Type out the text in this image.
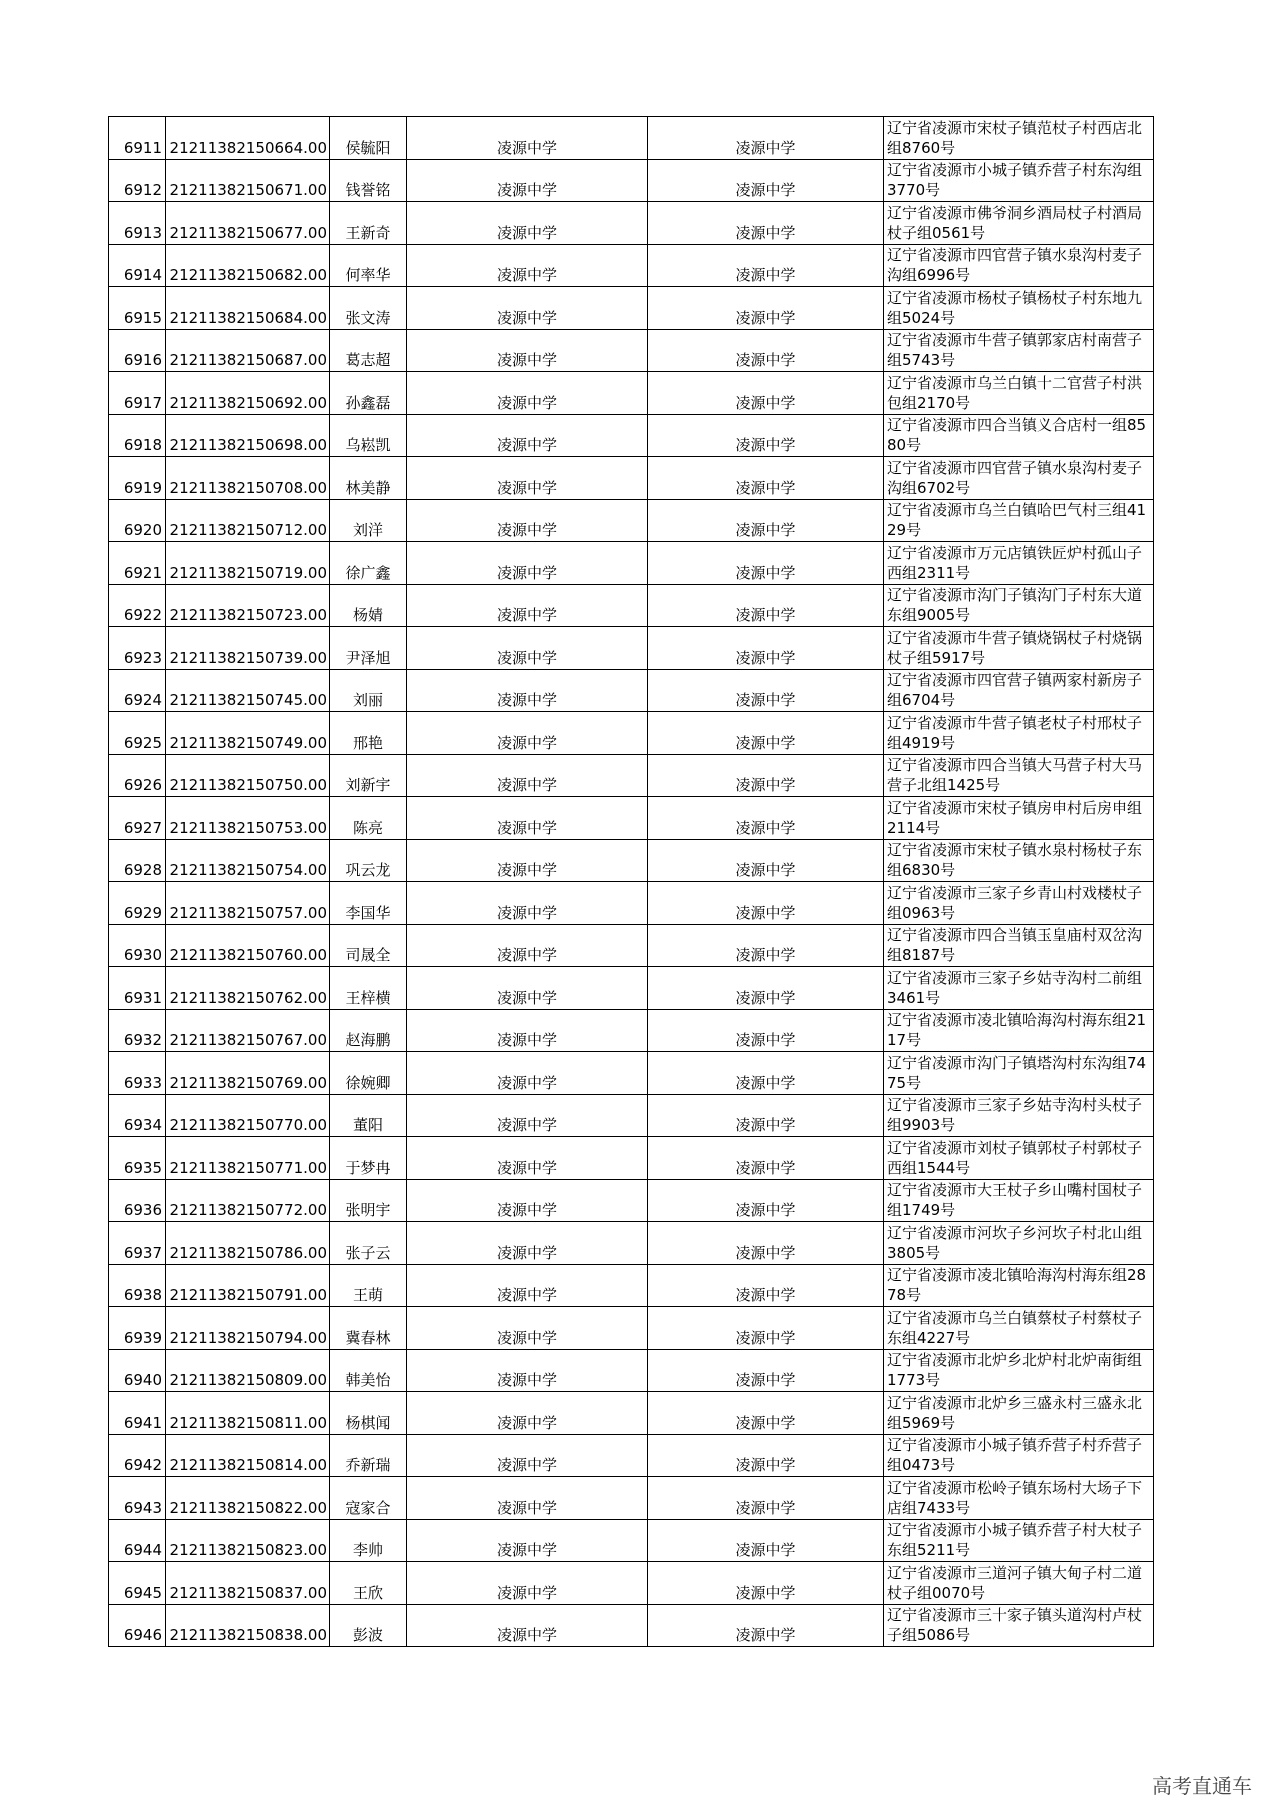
6911	21211382150664.00	侯毓阳	凌源中学	凌源中学	辽宁省凌源市宋杖子镇范杖子村西店北组8760号
6912	21211382150671.00	钱誉铭	凌源中学	凌源中学	辽宁省凌源市小城子镇乔营子村东沟组3770号
6913	21211382150677.00	王新奇	凌源中学	凌源中学	辽宁省凌源市佛爷洞乡酒局杖子村酒局杖子组0561号
6914	21211382150682.00	何率华	凌源中学	凌源中学	辽宁省凌源市四官营子镇水泉沟村麦子沟组6996号
6915	21211382150684.00	张文涛	凌源中学	凌源中学	辽宁省凌源市杨杖子镇杨杖子村东地九组5024号
6916	21211382150687.00	葛志超	凌源中学	凌源中学	辽宁省凌源市牛营子镇郭家店村南营子组5743号
6917	21211382150692.00	孙鑫磊	凌源中学	凌源中学	辽宁省凌源市乌兰白镇十二官营子村洪包组2170号
6918	21211382150698.00	乌崧凯	凌源中学	凌源中学	辽宁省凌源市四合当镇义合店村一组8580号
6919	21211382150708.00	林美静	凌源中学	凌源中学	辽宁省凌源市四官营子镇水泉沟村麦子沟组6702号
6920	21211382150712.00	刘洋	凌源中学	凌源中学	辽宁省凌源市乌兰白镇哈巴气村三组4129号
6921	21211382150719.00	徐广鑫	凌源中学	凌源中学	辽宁省凌源市万元店镇铁匠炉村孤山子西组2311号
6922	21211382150723.00	杨婧	凌源中学	凌源中学	辽宁省凌源市沟门子镇沟门子村东大道东组9005号
6923	21211382150739.00	尹泽旭	凌源中学	凌源中学	辽宁省凌源市牛营子镇烧锅杖子村烧锅杖子组5917号
6924	21211382150745.00	刘丽	凌源中学	凌源中学	辽宁省凌源市四官营子镇两家村新房子组6704号
6925	21211382150749.00	邢艳	凌源中学	凌源中学	辽宁省凌源市牛营子镇老杖子村邢杖子组4919号
6926	21211382150750.00	刘新宇	凌源中学	凌源中学	辽宁省凌源市四合当镇大马营子村大马营子北组1425号
6927	21211382150753.00	陈亮	凌源中学	凌源中学	辽宁省凌源市宋杖子镇房申村后房申组2114号
6928	21211382150754.00	巩云龙	凌源中学	凌源中学	辽宁省凌源市宋杖子镇水泉村杨杖子东组6830号
6929	21211382150757.00	李国华	凌源中学	凌源中学	辽宁省凌源市三家子乡青山村戏楼杖子组0963号
6930	21211382150760.00	司晟全	凌源中学	凌源中学	辽宁省凌源市四合当镇玉皇庙村双岔沟组8187号
6931	21211382150762.00	王梓横	凌源中学	凌源中学	辽宁省凌源市三家子乡姑寺沟村二前组3461号
6932	21211382150767.00	赵海鹏	凌源中学	凌源中学	辽宁省凌源市凌北镇哈海沟村海东组2117号
6933	21211382150769.00	徐婉卿	凌源中学	凌源中学	辽宁省凌源市沟门子镇塔沟村东沟组7475号
6934	21211382150770.00	董阳	凌源中学	凌源中学	辽宁省凌源市三家子乡姑寺沟村头杖子组9903号
6935	21211382150771.00	于梦冉	凌源中学	凌源中学	辽宁省凌源市刘杖子镇郭杖子村郭杖子西组1544号
6936	21211382150772.00	张明宇	凌源中学	凌源中学	辽宁省凌源市大王杖子乡山嘴村国杖子组1749号
6937	21211382150786.00	张子云	凌源中学	凌源中学	辽宁省凌源市河坎子乡河坎子村北山组3805号
6938	21211382150791.00	王萌	凌源中学	凌源中学	辽宁省凌源市凌北镇哈海沟村海东组2878号
6939	21211382150794.00	冀春林	凌源中学	凌源中学	辽宁省凌源市乌兰白镇蔡杖子村蔡杖子东组4227号
6940	21211382150809.00	韩美怡	凌源中学	凌源中学	辽宁省凌源市北炉乡北炉村北炉南街组1773号
6941	21211382150811.00	杨棋闻	凌源中学	凌源中学	辽宁省凌源市北炉乡三盛永村三盛永北组5969号
6942	21211382150814.00	乔新瑞	凌源中学	凌源中学	辽宁省凌源市小城子镇乔营子村乔营子组0473号
6943	21211382150822.00	寇家合	凌源中学	凌源中学	辽宁省凌源市松岭子镇东场村大场子下店组7433号
6944	21211382150823.00	李帅	凌源中学	凌源中学	辽宁省凌源市小城子镇乔营子村大杖子东组5211号
6945	21211382150837.00	王欣	凌源中学	凌源中学	辽宁省凌源市三道河子镇大甸子村二道杖子组0070号
6946	21211382150838.00	彭波	凌源中学	凌源中学	辽宁省凌源市三十家子镇头道沟村卢杖子组5086号
高考直通车
